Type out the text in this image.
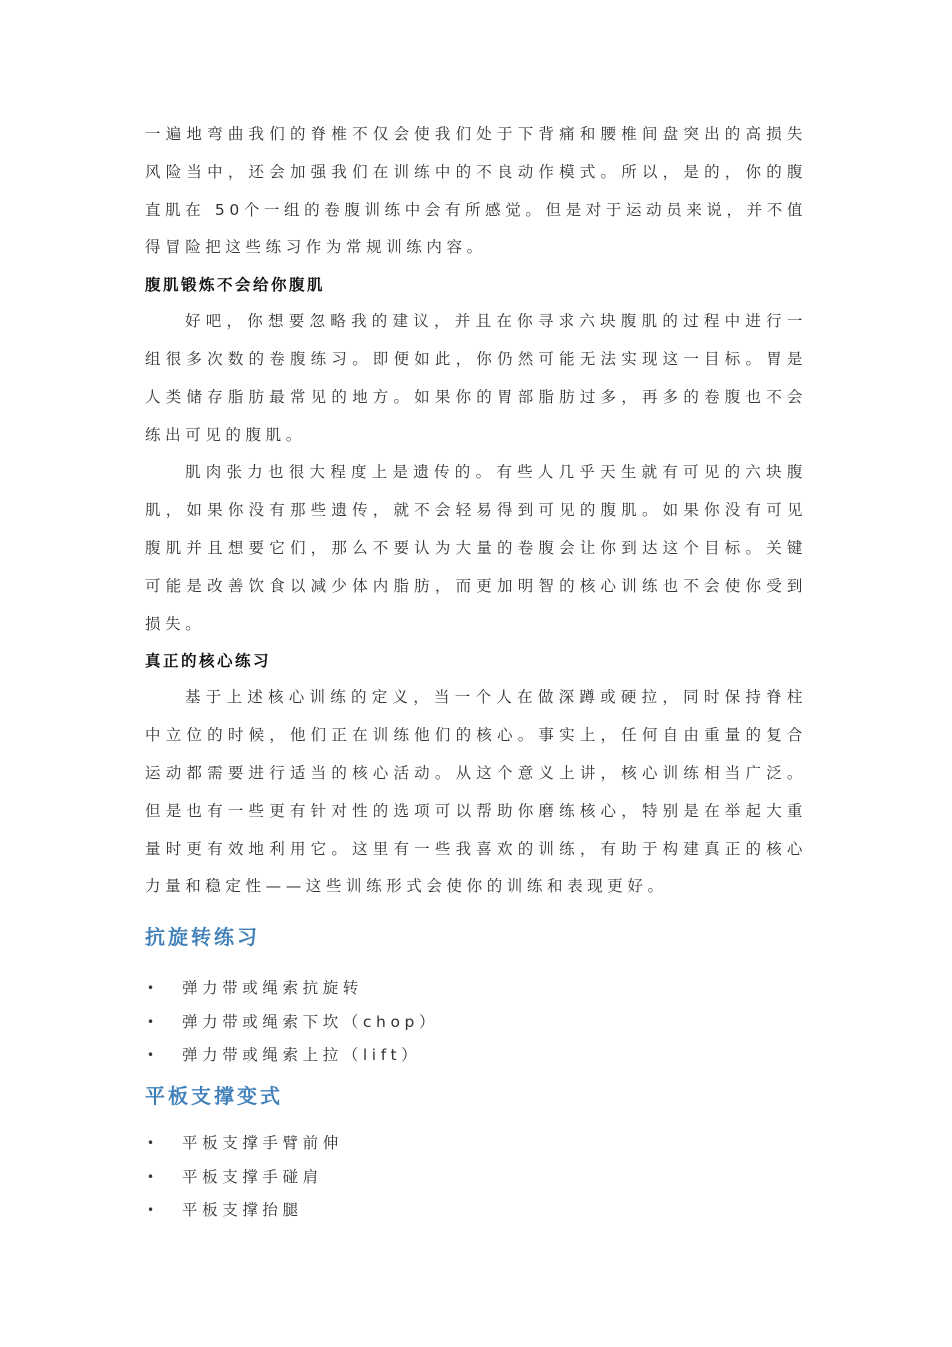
一遍地弯曲我们的脊椎不仅会使我们处于下背痛和腰椎间盘突出的高损失风险当中，还会加强我们在训练中的不良动作模式。所以，是的，你的腹直肌在 50个一组的卷腹训练中会有所感觉。但是对于运动员来说，并不值得冒险把这些练习作为常规训练内容。

腹肌锻炼不会给你腹肌

好吧，你想要忽略我的建议，并且在你寻求六块腹肌的过程中进行一组很多次数的卷腹练习。即便如此，你仍然可能无法实现这一目标。胃是人类储存脂肪最常见的地方。如果你的胃部脂肪过多，再多的卷腹也不会练出可见的腹肌。

肌肉张力也很大程度上是遗传的。有些人几乎天生就有可见的六块腹肌，如果你没有那些遗传，就不会轻易得到可见的腹肌。如果你没有可见腹肌并且想要它们，那么不要认为大量的卷腹会让你到达这个目标。关键可能是改善饮食以减少体内脂肪，而更加明智的核心训练也不会使你受到损失。

真正的核心练习

基于上述核心训练的定义，当一个人在做深蹲或硬拉，同时保持脊柱中立位的时候，他们正在训练他们的核心。事实上，任何自由重量的复合运动都需要进行适当的核心活动。从这个意义上讲，核心训练相当广泛。但是也有一些更有针对性的选项可以帮助你磨练核心，特别是在举起大重量时更有效地利用它。这里有一些我喜欢的训练，有助于构建真正的核心力量和稳定性——这些训练形式会使你的训练和表现更好。

抗旋转练习
• 弹力带或绳索抗旋转
• 弹力带或绳索下坎（chop）
• 弹力带或绳索上拉（lift）
平板支撑变式
• 平板支撑手臂前伸
• 平板支撑手碰肩
• 平板支撑抬腿
